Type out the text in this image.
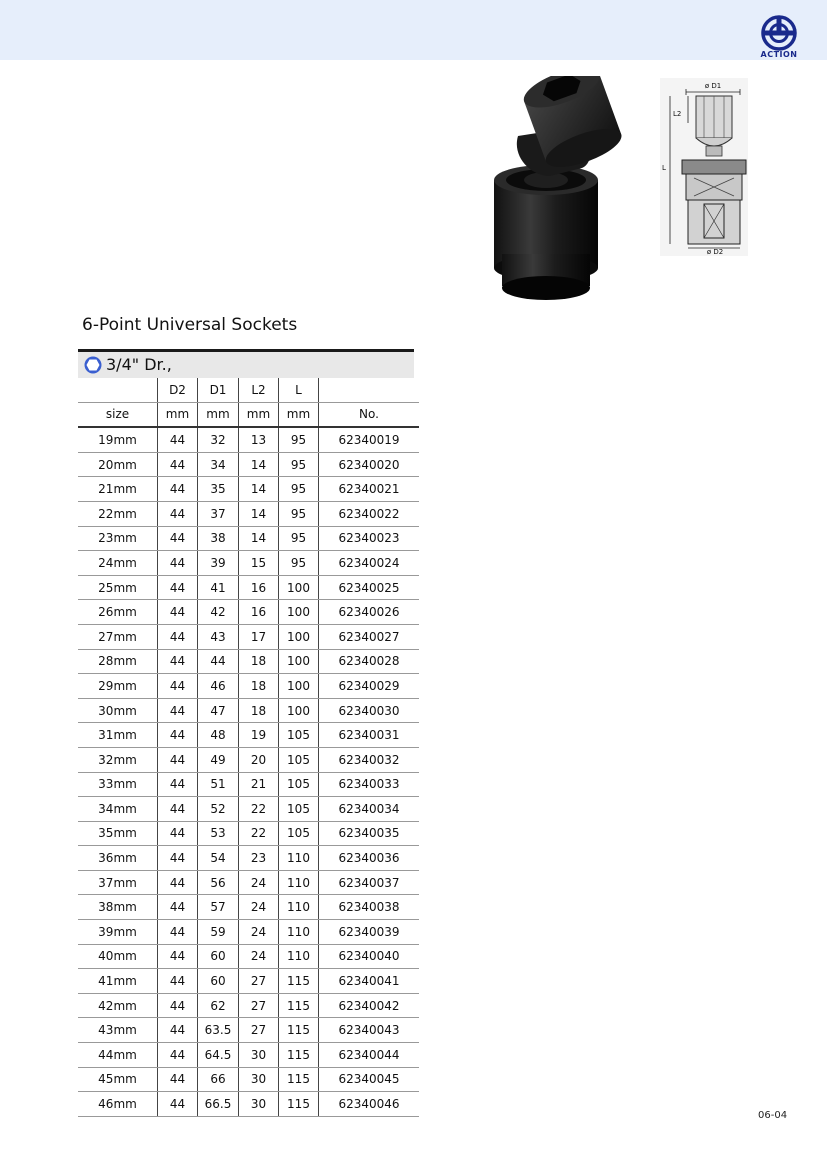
ACTION
ø D1
ø D2
L2
L
6-Point Universal Sockets
3/4" Dr.,
	D2	D1	L2	L	
size	mm	mm	mm	mm	No.
19mm	44	32	13	95	62340019
20mm	44	34	14	95	62340020
21mm	44	35	14	95	62340021
22mm	44	37	14	95	62340022
23mm	44	38	14	95	62340023
24mm	44	39	15	95	62340024
25mm	44	41	16	100	62340025
26mm	44	42	16	100	62340026
27mm	44	43	17	100	62340027
28mm	44	44	18	100	62340028
29mm	44	46	18	100	62340029
30mm	44	47	18	100	62340030
31mm	44	48	19	105	62340031
32mm	44	49	20	105	62340032
33mm	44	51	21	105	62340033
34mm	44	52	22	105	62340034
35mm	44	53	22	105	62340035
36mm	44	54	23	110	62340036
37mm	44	56	24	110	62340037
38mm	44	57	24	110	62340038
39mm	44	59	24	110	62340039
40mm	44	60	24	110	62340040
41mm	44	60	27	115	62340041
42mm	44	62	27	115	62340042
43mm	44	63.5	27	115	62340043
44mm	44	64.5	30	115	62340044
45mm	44	66	30	115	62340045
46mm	44	66.5	30	115	62340046
06-04
